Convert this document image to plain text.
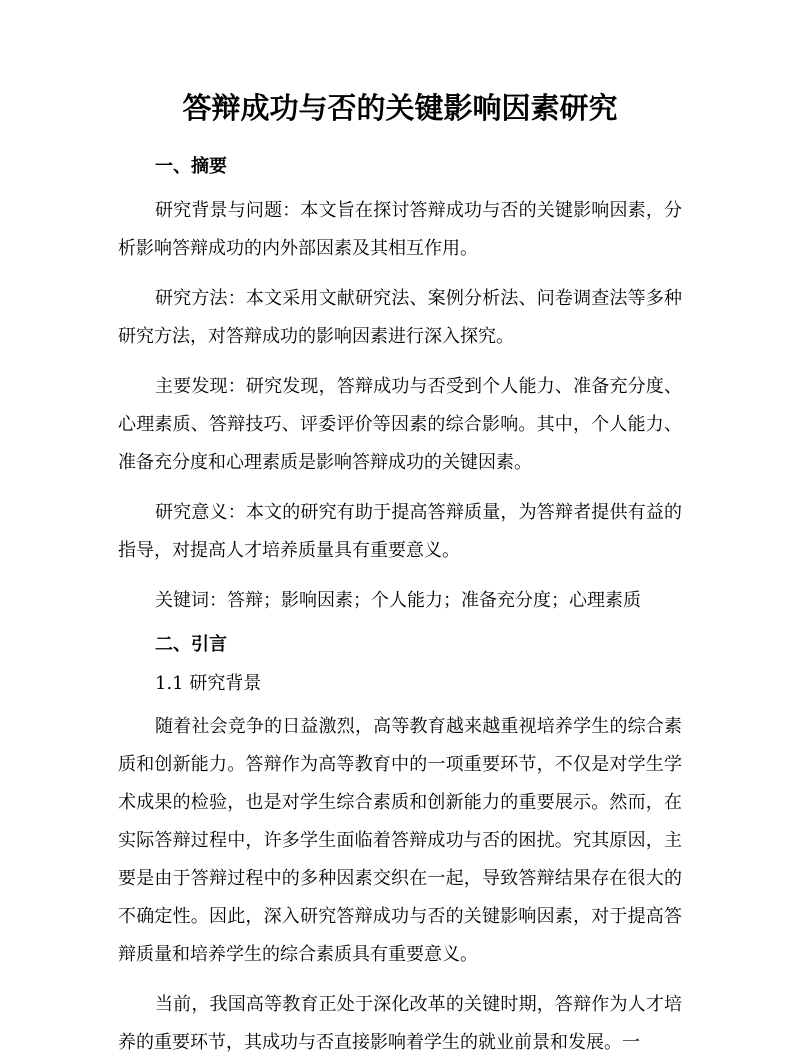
答辩成功与否的关键影响因素研究
一、摘要

研究背景与问题：本文旨在探讨答辩成功与否的关键影响因素，分析影响答辩成功的内外部因素及其相互作用。

研究方法：本文采用文献研究法、案例分析法、问卷调查法等多种研究方法，对答辩成功的影响因素进行深入探究。

主要发现：研究发现，答辩成功与否受到个人能力、准备充分度、心理素质、答辩技巧、评委评价等因素的综合影响。其中，个人能力、准备充分度和心理素质是影响答辩成功的关键因素。

研究意义：本文的研究有助于提高答辩质量，为答辩者提供有益的指导，对提高人才培养质量具有重要意义。

关键词：答辩；影响因素；个人能力；准备充分度；心理素质

二、引言
1.1 研究背景

随着社会竞争的日益激烈，高等教育越来越重视培养学生的综合素质和创新能力。答辩作为高等教育中的一项重要环节，不仅是对学生学术成果的检验，也是对学生综合素质和创新能力的重要展示。然而，在实际答辩过程中，许多学生面临着答辩成功与否的困扰。究其原因，主要是由于答辩过程中的多种因素交织在一起，导致答辩结果存在很大的不确定性。因此，深入研究答辩成功与否的关键影响因素，对于提高答辩质量和培养学生的综合素质具有重要意义。

当前，我国高等教育正处于深化改革的关键时期，答辩作为人才培养的重要环节，其成功与否直接影响着学生的就业前景和发展。一
